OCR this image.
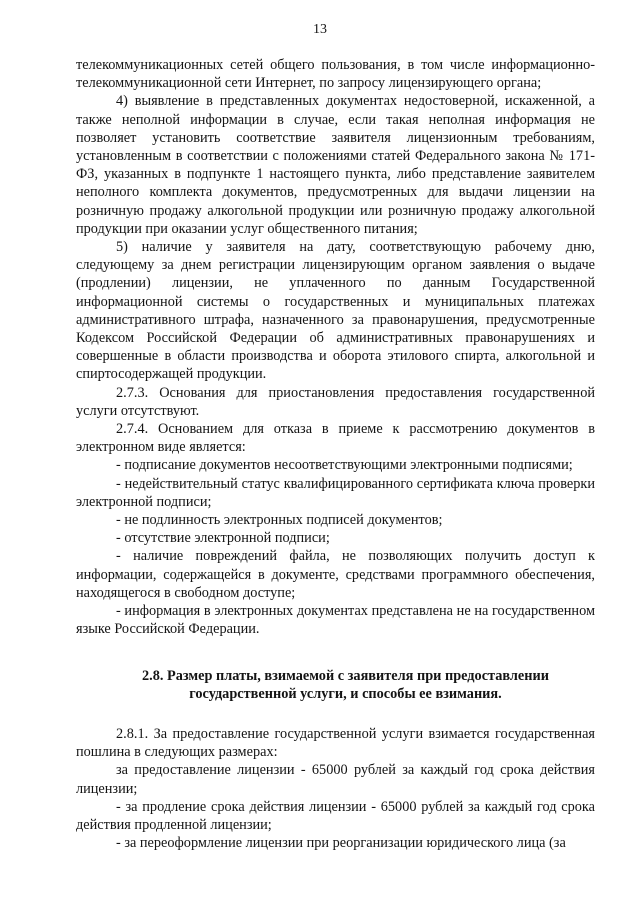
13

телекоммуникационных сетей общего пользования, в том числе информационно-телекоммуникационной сети Интернет, по запросу лицензирующего органа;

4) выявление в представленных документах недостоверной, искаженной, а также неполной информации в случае, если такая неполная информация не позволяет установить соответствие заявителя лицензионным требованиям, установленным в соответствии с положениями статей Федерального закона № 171-ФЗ, указанных в подпункте 1 настоящего пункта, либо представление заявителем неполного комплекта документов, предусмотренных для выдачи лицензии на розничную продажу алкогольной продукции или розничную продажу алкогольной продукции при оказании услуг общественного питания;

5) наличие у заявителя на дату, соответствующую рабочему дню, следующему за днем регистрации лицензирующим органом заявления о выдаче (продлении) лицензии, не уплаченного по данным Государственной информационной системы о государственных и муниципальных платежах административного штрафа, назначенного за правонарушения, предусмотренные Кодексом Российской Федерации об административных правонарушениях и совершенные в области производства и оборота этилового спирта, алкогольной и спиртосодержащей продукции.

2.7.3. Основания для приостановления предоставления государственной услуги отсутствуют.

2.7.4. Основанием для отказа в приеме к рассмотрению документов в электронном виде является:

- подписание документов несоответствующими электронными подписями;

- недействительный статус квалифицированного сертификата ключа проверки электронной подписи;

- не подлинность электронных подписей документов;

- отсутствие электронной подписи;

- наличие повреждений файла, не позволяющих получить доступ к информации, содержащейся в документе, средствами программного обеспечения, находящегося в свободном доступе;

- информация в электронных документах представлена не на государственном языке Российской Федерации.

2.8. Размер платы, взимаемой с заявителя при предоставлении
государственной услуги, и способы ее взимания.

2.8.1. За предоставление государственной услуги взимается государственная пошлина в следующих размерах:

за предоставление лицензии - 65000 рублей за каждый год срока действия лицензии;

- за продление срока действия лицензии - 65000 рублей за каждый год срока действия продленной лицензии;

- за переоформление лицензии при реорганизации юридического лица (за
